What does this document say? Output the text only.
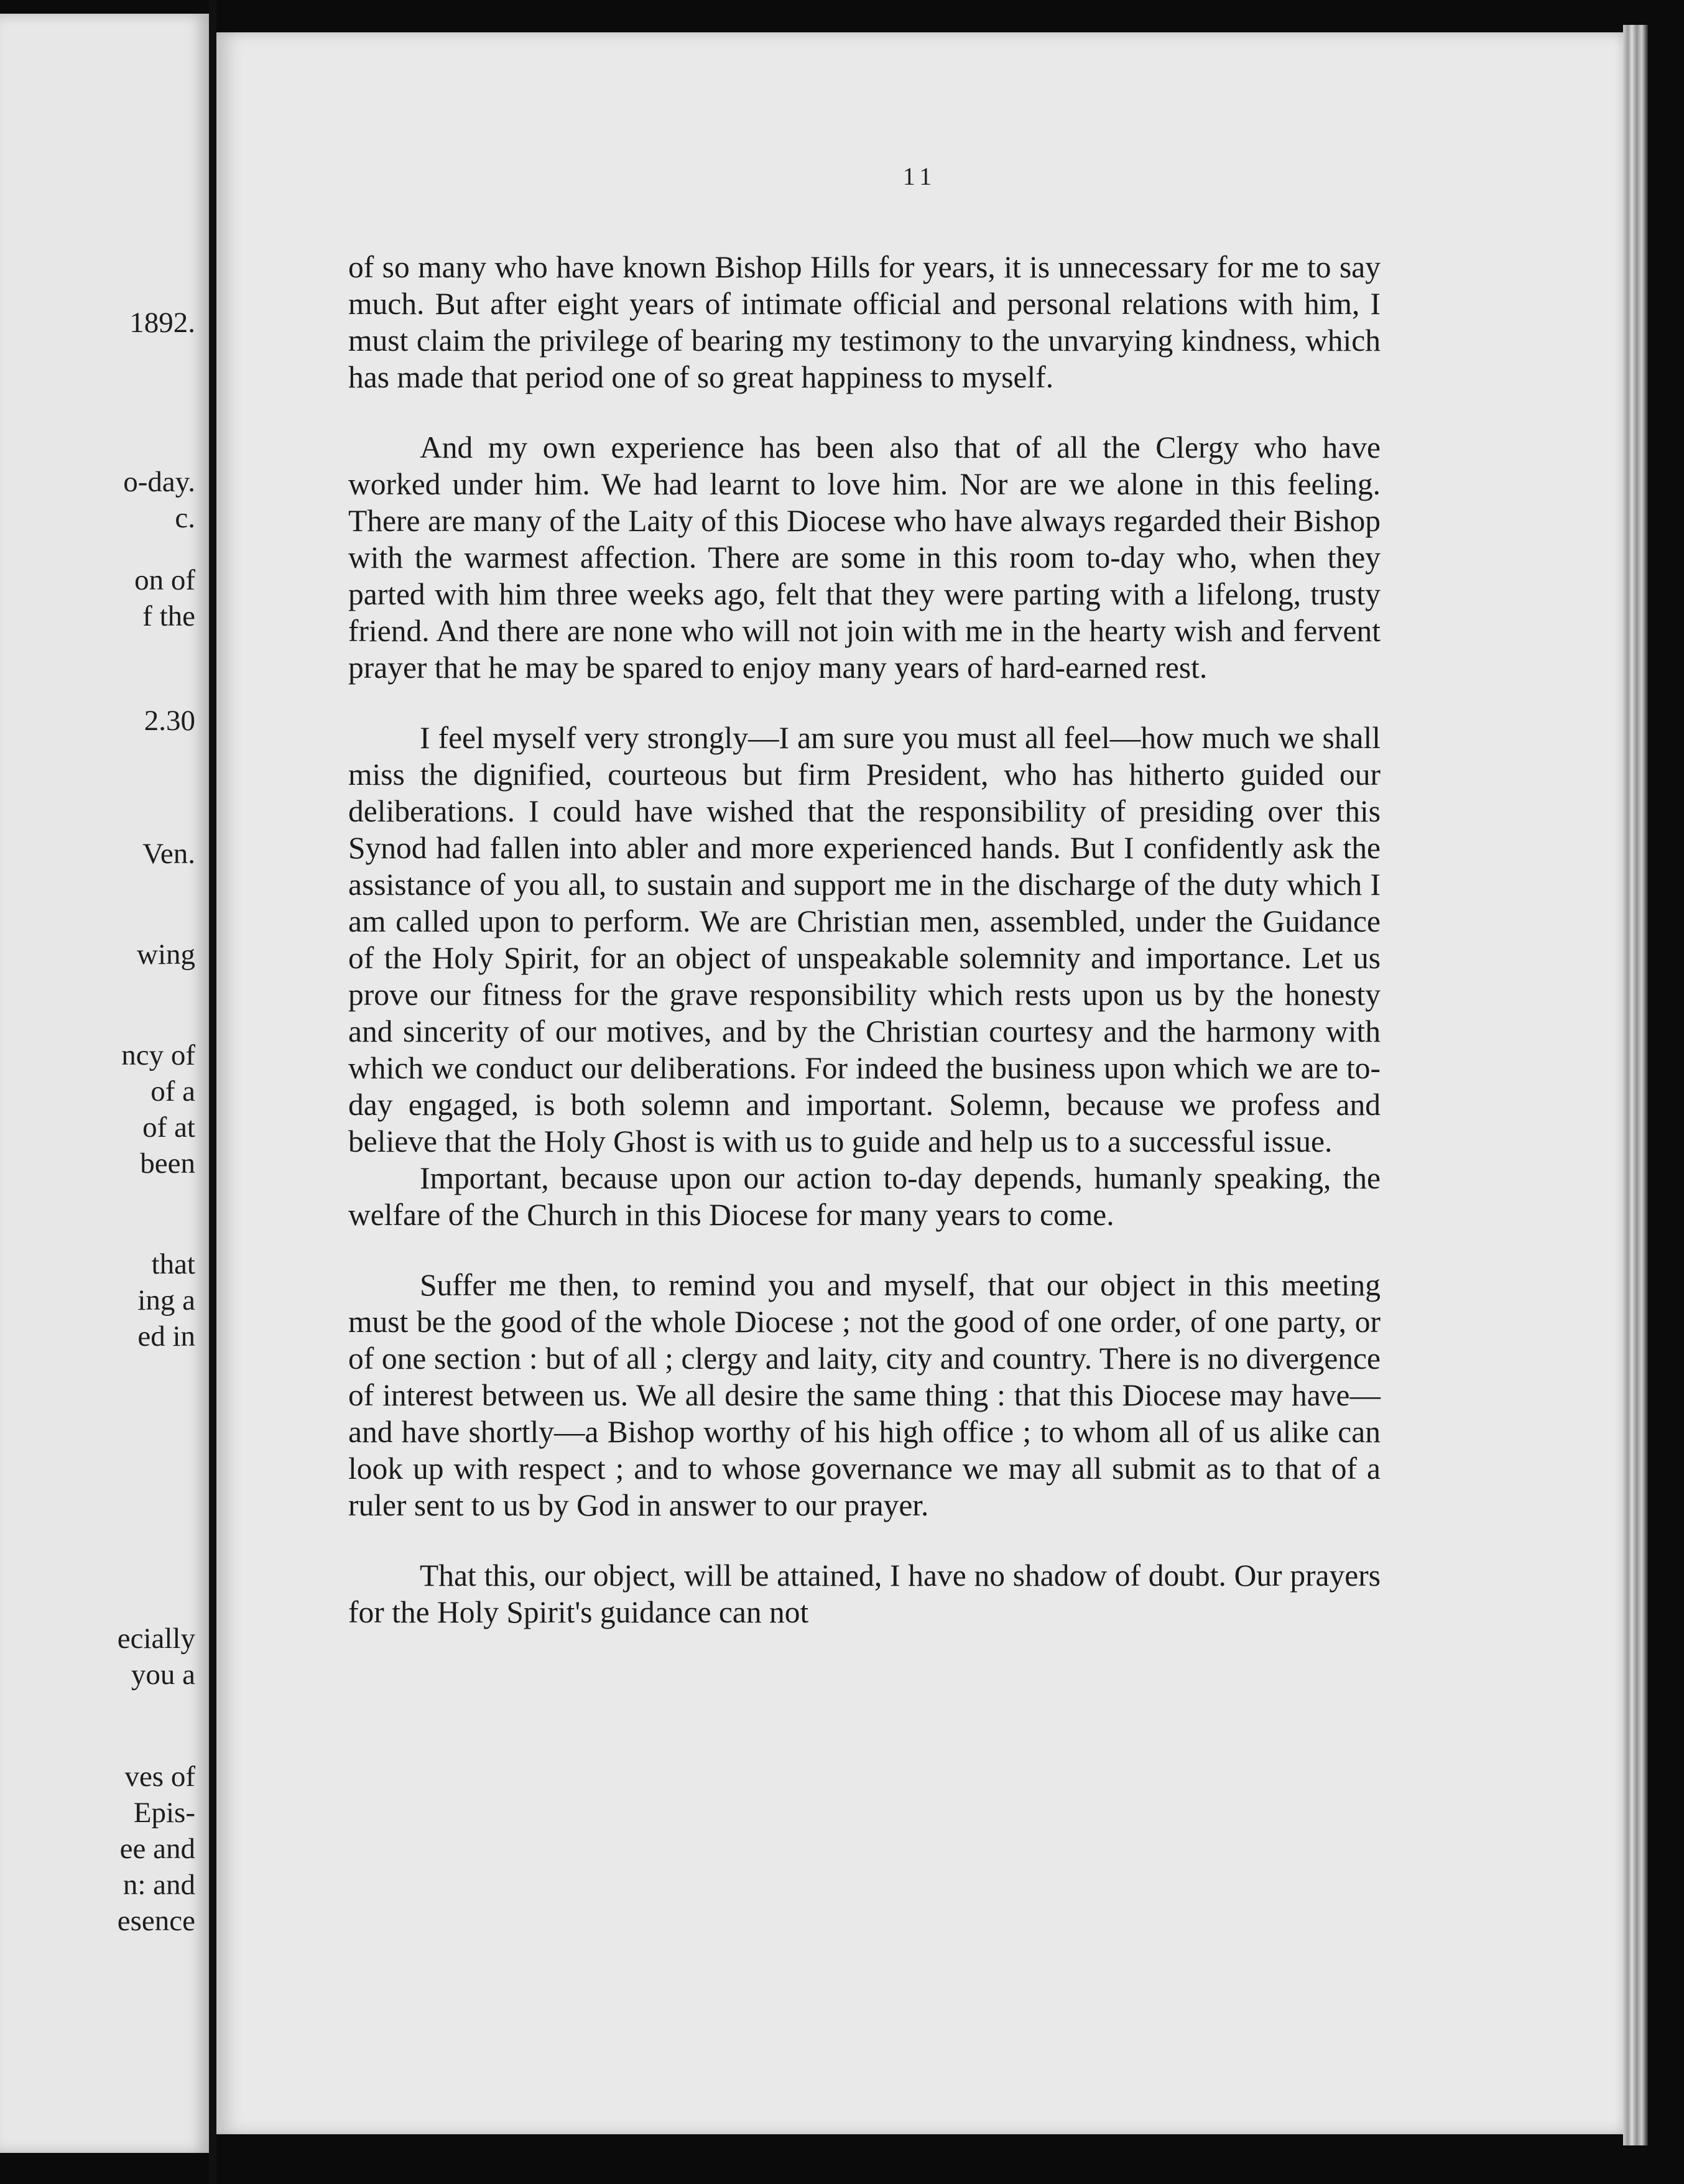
1892.
o-day.
c.
on of
f the
2.30
Ven.
wing
ncy of
of a
of at
been
that
ing a
ed in
ecially
you a
ves of
Epis-
ee and
n: and
esence
11

of so many who have known Bishop Hills for years, it is unnecessary for me to say much. But after eight years of intimate official and personal relations with him, I must claim the privilege of bearing my testimony to the unvarying kindness, which has made that period one of so great happiness to myself.

And my own experience has been also that of all the Clergy who have worked under him. We had learnt to love him. Nor are we alone in this feeling. There are many of the Laity of this Diocese who have always regarded their Bishop with the warmest affection. There are some in this room to-day who, when they parted with him three weeks ago, felt that they were parting with a lifelong, trusty friend. And there are none who will not join with me in the hearty wish and fervent prayer that he may be spared to enjoy many years of hard-earned rest.

I feel myself very strongly—I am sure you must all feel—how much we shall miss the dignified, courteous but firm President, who has hitherto guided our deliberations. I could have wished that the responsibility of presiding over this Synod had fallen into abler and more experienced hands. But I confidently ask the assistance of you all, to sustain and support me in the discharge of the duty which I am called upon to perform. We are Christian men, assembled, under the Guidance of the Holy Spirit, for an object of unspeakable solemnity and importance. Let us prove our fitness for the grave responsibility which rests upon us by the honesty and sincerity of our motives, and by the Christian courtesy and the harmony with which we conduct our deliberations. For indeed the business upon which we are to-day engaged, is both solemn and important. Solemn, because we profess and believe that the Holy Ghost is with us to guide and help us to a successful issue.

Important, because upon our action to-day depends, humanly speaking, the welfare of the Church in this Diocese for many years to come.

Suffer me then, to remind you and myself, that our object in this meeting must be the good of the whole Diocese ; not the good of one order, of one party, or of one section : but of all ; clergy and laity, city and country. There is no divergence of interest between us. We all desire the same thing : that this Diocese may have—and have shortly—a Bishop worthy of his high office ; to whom all of us alike can look up with respect ; and to whose governance we may all submit as to that of a ruler sent to us by God in answer to our prayer.

That this, our object, will be attained, I have no shadow of doubt. Our prayers for the Holy Spirit's guidance can not
